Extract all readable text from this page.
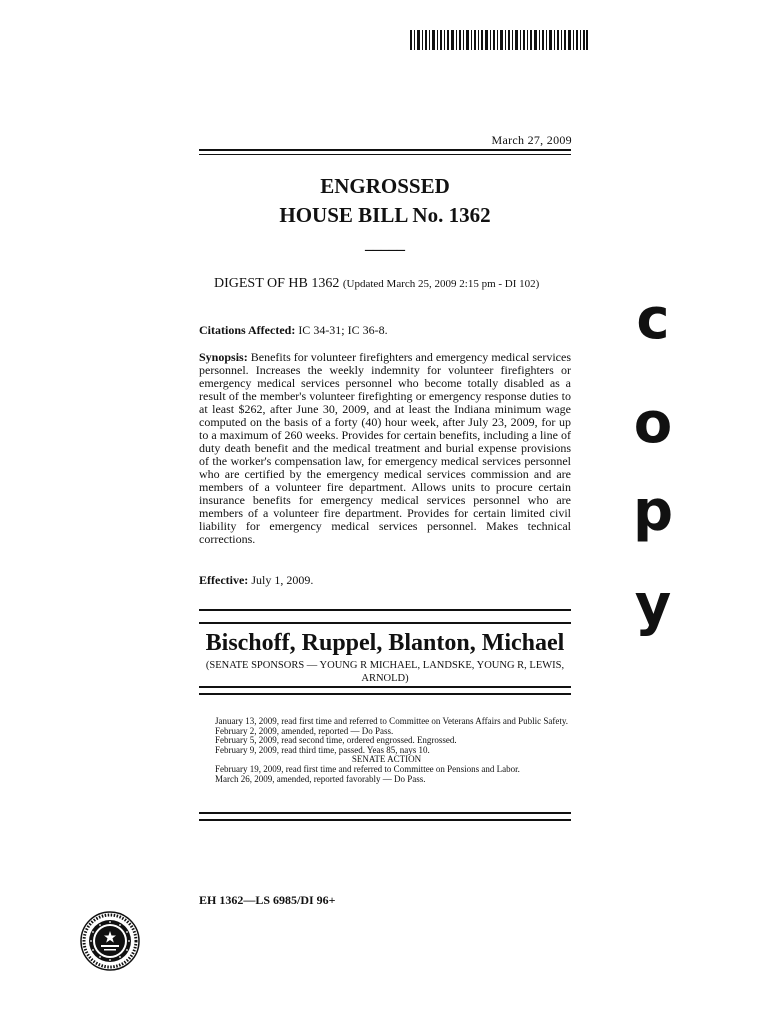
March 27, 2009
ENGROSSED
HOUSE BILL No. 1362
_____
DIGEST OF HB 1362 (Updated March 25, 2009 2:15 pm - DI 102)
Citations Affected: IC 34-31; IC 36-8.
Synopsis: Benefits for volunteer firefighters and emergency medical services personnel. Increases the weekly indemnity for volunteer firefighters or emergency medical services personnel who become totally disabled as a result of the member's volunteer firefighting or emergency response duties to at least $262, after June 30, 2009, and at least the Indiana minimum wage computed on the basis of a forty (40) hour week, after July 23, 2009, for up to a maximum of 260 weeks. Provides for certain benefits, including a line of duty death benefit and the medical treatment and burial expense provisions of the worker's compensation law, for emergency medical services personnel who are certified by the emergency medical services commission and are members of a volunteer fire department. Allows units to procure certain insurance benefits for emergency medical services personnel who are members of a volunteer fire department. Provides for certain limited civil liability for emergency medical services personnel. Makes technical corrections.
Effective: July 1, 2009.
Bischoff, Ruppel, Blanton, Michael
(SENATE SPONSORS — YOUNG R MICHAEL, LANDSKE, YOUNG R, LEWIS, ARNOLD)
January 13, 2009, read first time and referred to Committee on Veterans Affairs and Public Safety.
February 2, 2009, amended, reported — Do Pass.
February 5, 2009, read second time, ordered engrossed. Engrossed.
February 9, 2009, read third time, passed. Yeas 85, nays 10.
SENATE ACTION
February 19, 2009, read first time and referred to Committee on Pensions and Labor.
March 26, 2009, amended, reported favorably — Do Pass.
EH 1362—LS 6985/DI 96+
c
o
p
y
